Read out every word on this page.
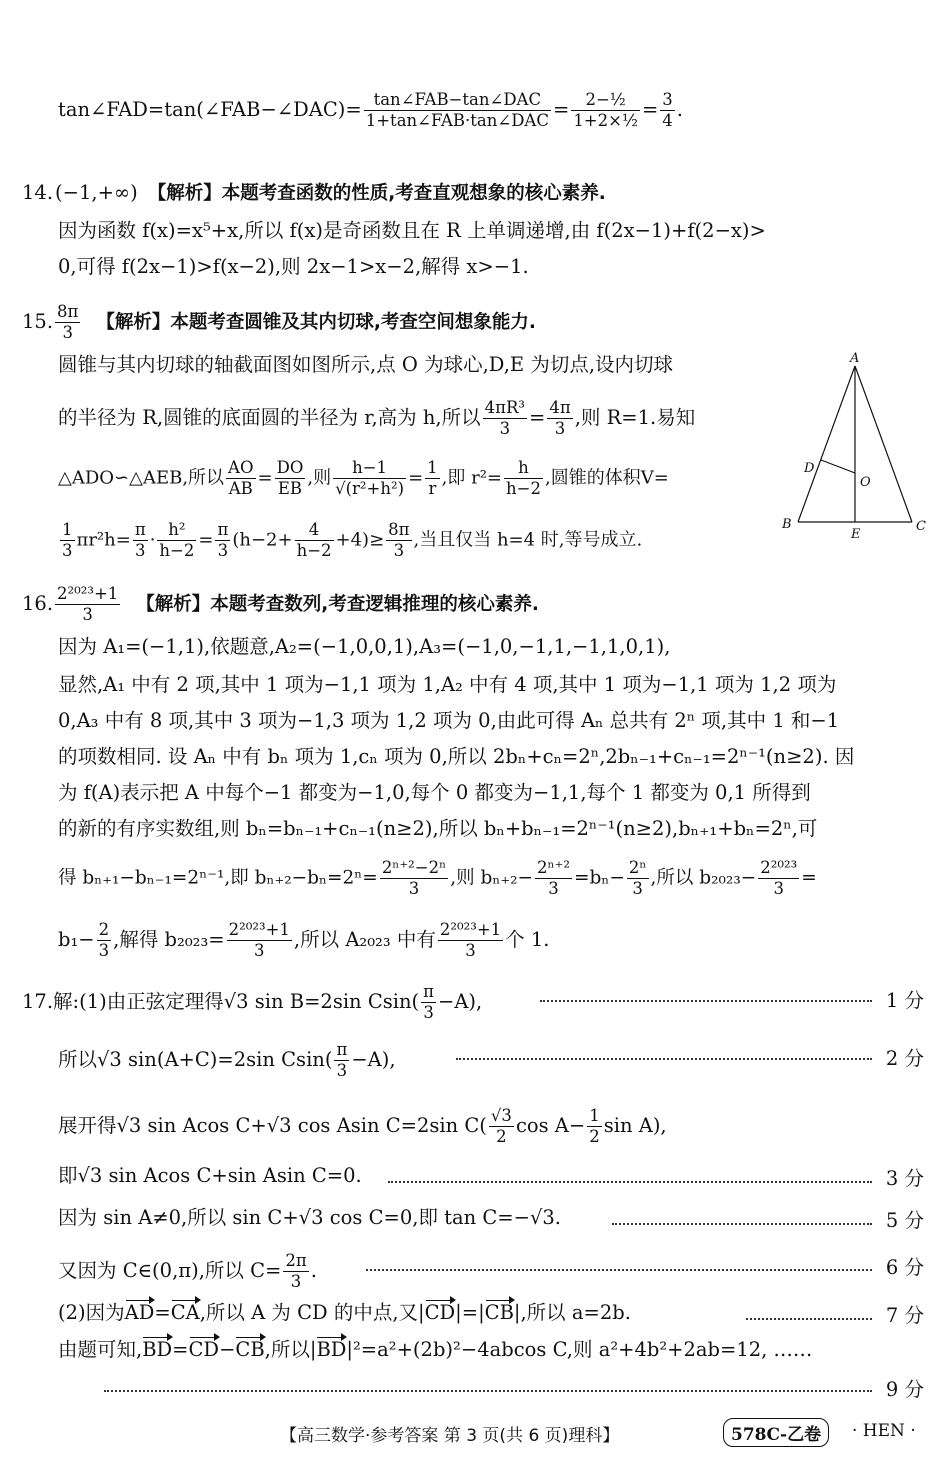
tan∠FAD=tan(∠FAB−∠DAC)= tan∠FAB−tan∠DAC
1+tan∠FAB·tan∠DAC = $\frac{\text{2−½}}{\text{1+2×½}} = \frac{3}{4}$ .
14. (−1,+∞) 【解析】本题考查函数的性质,考查直观想象的核心素养.
因为函数 f(x)=x⁵+x,所以 f(x)是奇函数且在 R 上单调递增,由 f(2x−1)+f(2−x)>
0,可得 f(2x−1)>f(x−2),则 2x−1>x−2,解得 x>−1.
15. $\frac{8\pi}{3}$ 【解析】本题考查圆锥及其内切球,考查空间想象能力.
圆锥与其内切球的轴截面图如图所示,点 O 为球心,D,E 为切点,设内切球
的半径为 R,圆锥的底面圆的半径为 r,高为 h,所以 $\frac{\text{4πR³}}{3} = \frac{4\pi}{3}$ ,则 R=1.易知
△ADO∽△AEB,所以 $\frac{AO}{AB} = \frac{DO}{EB}$ ,则 $\frac{h-1}{\text{√(r²+h²)}} = \frac{1}{r}$ ,即 $r^2= \frac{h}{h-2}$ ,圆锥的体积V=
$\frac{1}{3} \pi r^2h= \frac{\pi}{3} \cdot \frac{\text{h²}}{h-2} = \frac{\pi}{3} (h-2+ \frac{4}{h-2} +4)\ge \frac{8\pi}{3}$ ,当且仅当 h=4 时,等号成立.
A
B	C
D
E
O
16. $\frac{\text{2²⁰²³+1}}{3}$ 【解析】本题考查数列,考查逻辑推理的核心素养.
因为 A₁=(−1,1),依题意,A₂=(−1,0,0,1),A₃=(−1,0,−1,1,−1,1,0,1),
显然,A₁ 中有 2 项,其中 1 项为−1,1 项为 1,A₂ 中有 4 项,其中 1 项为−1,1 项为 1,2 项为
0,A₃ 中有 8 项,其中 3 项为−1,3 项为 1,2 项为 0,由此可得 Aₙ 总共有 2ⁿ 项,其中 1 和−1
的项数相同. 设 Aₙ 中有 bₙ 项为 1,cₙ 项为 0,所以 2bₙ+cₙ=2ⁿ,2bₙ₋₁+cₙ₋₁=2ⁿ⁻¹(n≥2). 因
为 f(A)表示把 A 中每个−1 都变为−1,0,每个 0 都变为−1,1,每个 1 都变为 0,1 所得到
的新的有序实数组,则 bₙ=bₙ₋₁+cₙ₋₁(n≥2),所以 bₙ+bₙ₋₁=2ⁿ⁻¹(n≥2),bₙ₊₁+bₙ=2ⁿ,可
得 bₙ₊₁−bₙ₋₁=2ⁿ⁻¹,即 $b_{n+2}-b_n=2^n= \frac{\text{2ⁿ⁺²−2ⁿ}}{3}$ ,则 $b_{n+2}- \frac{\text{2ⁿ⁺²}}{3} =b_n- \frac{\text{2ⁿ}}{3}$ ,所以 $b_{2023}- \frac{\text{2²⁰²³}}{3}$ =
$b_1- \frac{2}{3}$ ,解得 $b_{2023}= \frac{\text{2²⁰²³+1}}{3}$ ,所以 A₂₀₂₃ 中有 $\frac{\text{2²⁰²³+1}}{3}$ 个 1.
17.解:(1)由正弦定理得√3 sin B=2sin $Csin( \frac{\pi}{3} -A)$,	1 分
所以√3 sin(A+C)=2sin $Csin( \frac{\pi}{3} -A)$,	2 分
展开得√3 sin Acos C+√3 cos Asin C=2sin $C( \frac{√3}{2}$ $\cos A- \frac{1}{2}$ sin A),
即√3 sin Acos C+sin Asin C=0.	3 分
因为 sin A≠0,所以 sin C+√3 cos C=0,即 tan C=−√3.	5 分
又因为 C∈(0,π),所以 $C= \frac{2\pi}{3}$ .	6 分
(2)因为AD=CA,所以 A 为 CD 的中点,又|CD|=|CB|,所以 a=2b.	7 分
由题可知,BD=CD−CB,所以|BD|²=a²+(2b)²−4abcos C,则 a²+4b²+2ab=12, ……
9 分
【高三数学·参考答案 第 3 页(共 6 页)理科】	578C-乙卷	· HEN ·
